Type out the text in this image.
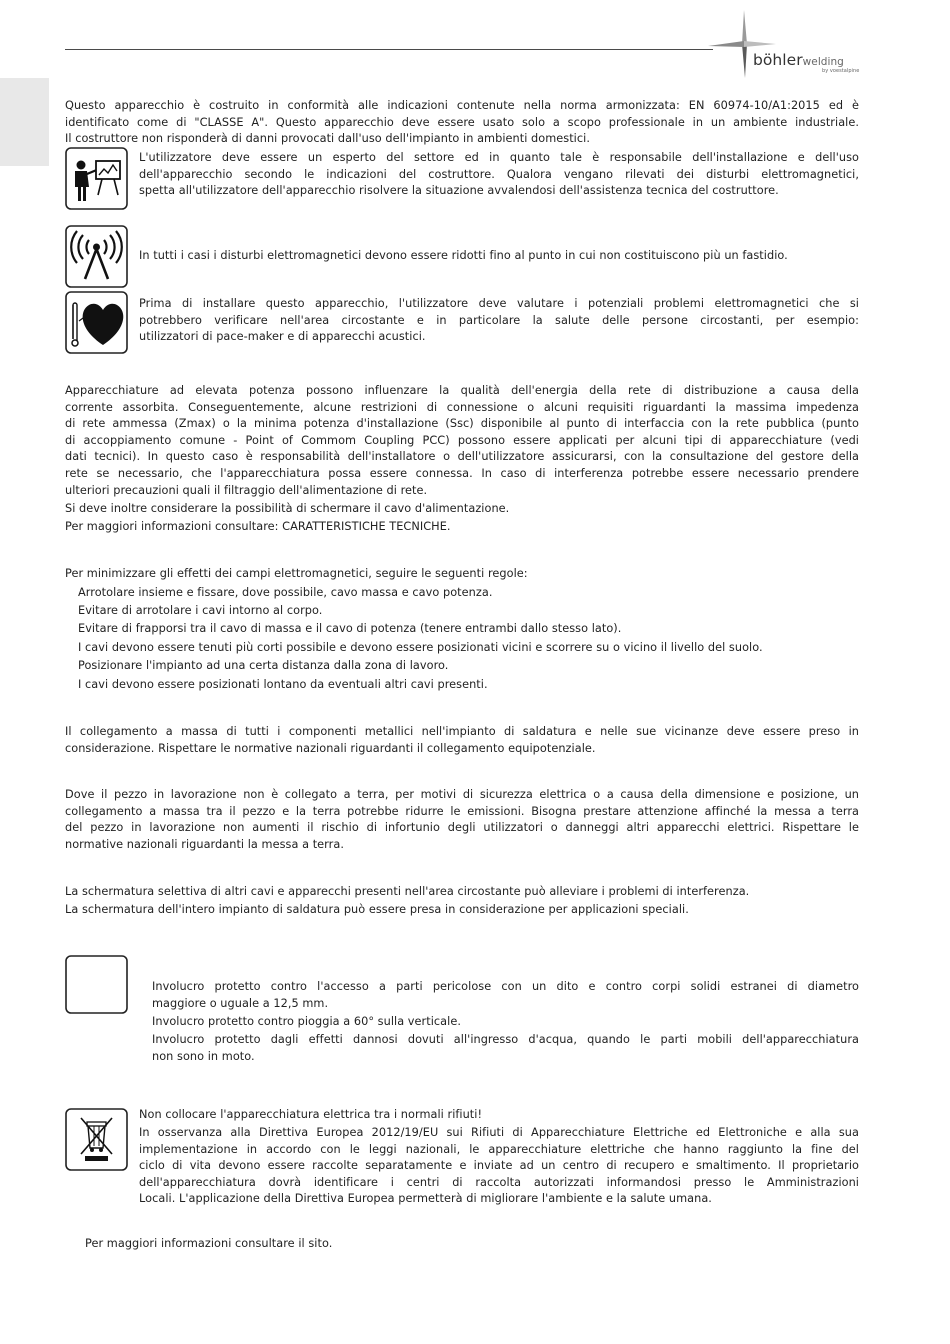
böhlerwelding
by voestalpine
Questo apparecchio è costruito in conformità alle indicazioni contenute nella norma armonizzata: EN 60974-10/A1:2015 ed è
identificato come di "CLASSE A". Questo apparecchio deve essere usato solo a scopo professionale in un ambiente industriale.
Il costruttore non risponderà di danni provocati dall'uso dell'impianto in ambienti domestici.
L'utilizzatore deve essere un esperto del settore ed in quanto tale è responsabile dell'installazione e dell'uso
dell'apparecchio secondo le indicazioni del costruttore. Qualora vengano rilevati dei disturbi elettromagnetici,
spetta all'utilizzatore dell'apparecchio risolvere la situazione avvalendosi dell'assistenza tecnica del costruttore.
In tutti i casi i disturbi elettromagnetici devono essere ridotti fino al punto in cui non costituiscono più un fastidio.
Prima di installare questo apparecchio, l'utilizzatore deve valutare i potenziali problemi elettromagnetici che si
potrebbero verificare nell'area circostante e in particolare la salute delle persone circostanti, per esempio:
utilizzatori di pace-maker e di apparecchi acustici.
Apparecchiature ad elevata potenza possono influenzare la qualità dell'energia della rete di distribuzione a causa della
corrente assorbita. Conseguentemente, alcune restrizioni di connessione o alcuni requisiti riguardanti la massima impedenza
di rete ammessa (Zmax) o la minima potenza d'installazione (Ssc) disponibile al punto di interfaccia con la rete pubblica (punto
di accoppiamento comune - Point of Commom Coupling PCC) possono essere applicati per alcuni tipi di apparecchiature (vedi
dati tecnici). In questo caso è responsabilità dell'installatore o dell'utilizzatore assicurarsi, con la consultazione del gestore della
rete se necessario, che l'apparecchiatura possa essere connessa. In caso di interferenza potrebbe essere necessario prendere
ulteriori precauzioni quali il filtraggio dell'alimentazione di rete.
Si deve inoltre considerare la possibilità di schermare il cavo d'alimentazione.
Per maggiori informazioni consultare: CARATTERISTICHE TECNICHE.
Per minimizzare gli effetti dei campi elettromagnetici, seguire le seguenti regole:
Arrotolare insieme e fissare, dove possibile, cavo massa e cavo potenza.
Evitare di arrotolare i cavi intorno al corpo.
Evitare di frapporsi tra il cavo di massa e il cavo di potenza (tenere entrambi dallo stesso lato).
I cavi devono essere tenuti più corti possibile e devono essere posizionati vicini e scorrere su o vicino il livello del suolo.
Posizionare l'impianto ad una certa distanza dalla zona di lavoro.
I cavi devono essere posizionati lontano da eventuali altri cavi presenti.
Il collegamento a massa di tutti i componenti metallici nell'impianto di saldatura e nelle sue vicinanze deve essere preso in
considerazione. Rispettare le normative nazionali riguardanti il collegamento equipotenziale.
Dove il pezzo in lavorazione non è collegato a terra, per motivi di sicurezza elettrica o a causa della dimensione e posizione, un
collegamento a massa tra il pezzo e la terra potrebbe ridurre le emissioni. Bisogna prestare attenzione affinché la messa a terra
del pezzo in lavorazione non aumenti il rischio di infortunio degli utilizzatori o danneggi altri apparecchi elettrici. Rispettare le
normative nazionali riguardanti la messa a terra.
La schermatura selettiva di altri cavi e apparecchi presenti nell'area circostante può alleviare i problemi di interferenza.
La schermatura dell'intero impianto di saldatura può essere presa in considerazione per applicazioni speciali.
Involucro protetto contro l'accesso a parti pericolose con un dito e contro corpi solidi estranei di diametro
maggiore o uguale a 12,5 mm.
Involucro protetto contro pioggia a 60° sulla verticale.
Involucro protetto dagli effetti dannosi dovuti all'ingresso d'acqua, quando le parti mobili dell'apparecchiatura
non sono in moto.
Non collocare l'apparecchiatura elettrica tra i normali rifiuti!
In osservanza alla Direttiva Europea 2012/19/EU sui Rifiuti di Apparecchiature Elettriche ed Elettroniche e alla sua
implementazione in accordo con le leggi nazionali, le apparecchiature elettriche che hanno raggiunto la fine del
ciclo di vita devono essere raccolte separatamente e inviate ad un centro di recupero e smaltimento. Il proprietario
dell'apparecchiatura dovrà identificare i centri di raccolta autorizzati informandosi presso le Amministrazioni
Locali. L'applicazione della Direttiva Europea permetterà di migliorare l'ambiente e la salute umana.
Per maggiori informazioni consultare il sito.
